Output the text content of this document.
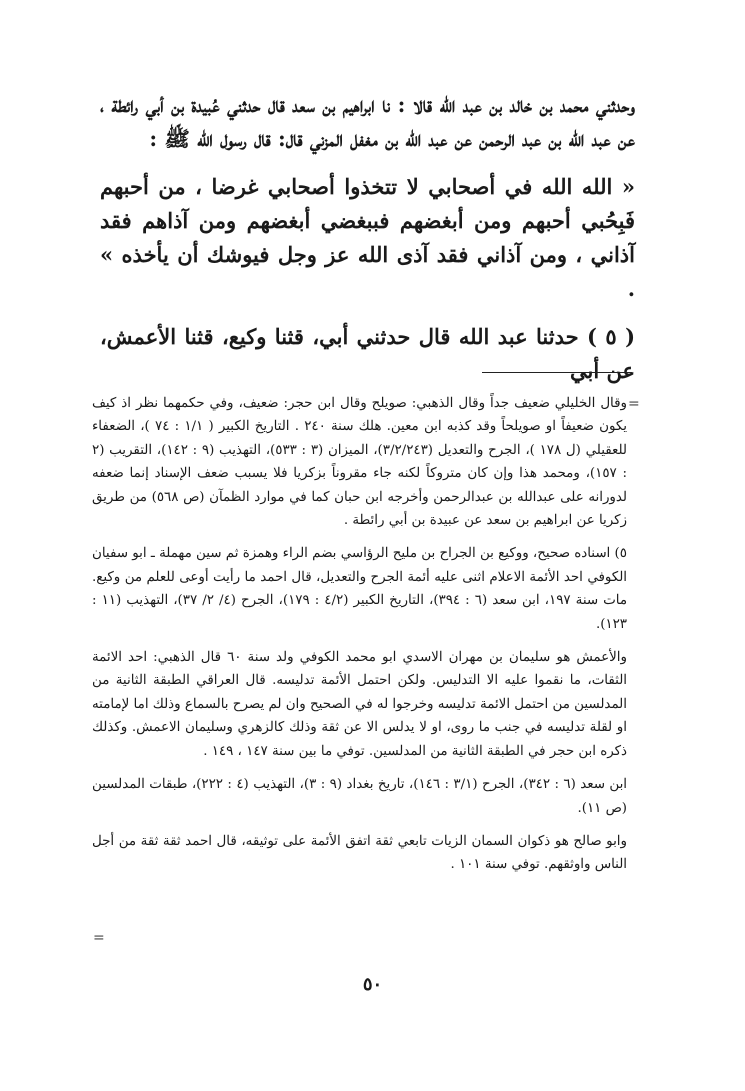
وحدثني محمد بن خالد بن عبد الله قالا : نا ابراهيم بن سعد قال حدثني عُبيدة بن أبي رائطة ، عن عبد الله بن عبد الرحمن عن عبد الله بن مغفل المزني قال: قال رسول الله ﷺ :

« الله الله في أصحابي لا تتخذوا أصحابي غرضا ، من أحبهم فَبِحُبي أحبهم ومن أبغضهم فببغضي أبغضهم ومن آذاهم فقد آذاني ، ومن آذاني فقد آذى الله عز وجل فيوشك أن يأخذه » .

( ٥ ) حدثنا عبد الله قال حدثني أبي، قثنا وكيع، قثنا الأعمش، عن أبي

=

وقال الخليلي ضعيف جداً وقال الذهبي: صويلح وقال ابن حجر: ضعيف، وفي حكمهما نظر اذ كيف يكون ضعيفاً او صويلحاً وقد كذبه ابن معين. هلك سنة ٢٤٠ . التاريخ الكبير ( ١/١ : ٧٤ )، الضعفاء للعقيلي (ل ١٧٨ )، الجرح والتعديل (٣/٢/٢٤٣)، الميزان (٣ : ٥٣٣)، التهذيب (٩ : ١٤٢)، التقريب (٢ : ١٥٧)، ومحمد هذا وإن كان متروكاً لكنه جاء مقروناً بزكريا فلا يسبب ضعف الإسناد إنما ضعفه لدورانه على عبدالله بن عبدالرحمن وأخرجه ابن حبان كما في موارد الظمآن (ص ٥٦٨) من طريق زكريا عن ابراهيم بن سعد عن عبيدة بن أبي رائطة .

٥) اسناده صحيح، ووكيع بن الجراح بن مليح الرؤاسي بضم الراء وهمزة ثم سين مهملة ـ ابو سفيان الكوفي احد الأئمة الاعلام اثنى عليه أئمة الجرح والتعديل، قال احمد ما رأيت أوعى للعلم من وكيع. مات سنة ١٩٧، ابن سعد (٦ : ٣٩٤)، التاريخ الكبير (٤/٢ : ١٧٩)، الجرح (٤/ ٢/ ٣٧)، التهذيب (١١ : ١٢٣).

والأعمش هو سليمان بن مهران الاسدي ابو محمد الكوفي ولد سنة ٦٠ قال الذهبي: احد الائمة الثقات، ما نقموا عليه الا التدليس. ولكن احتمل الأئمة تدليسه. قال العراقي الطبقة الثانية من المدلسين من احتمل الائمة تدليسه وخرجوا له في الصحيح وان لم يصرح بالسماع وذلك اما لإمامته او لقلة تدليسه في جنب ما روى، او لا يدلس الا عن ثقة وذلك كالزهري وسليمان الاعمش. وكذلك ذكره ابن حجر في الطبقة الثانية من المدلسين. توفي ما بين سنة ١٤٧ ، ١٤٩ .

ابن سعد (٦ : ٣٤٢)، الجرح (٣/١ : ١٤٦)، تاريخ بغداد (٩ : ٣)، التهذيب (٤ : ٢٢٢)، طبقات المدلسين (ص ١١).

وابو صالح هو ذكوان السمان الزيات تابعي ثقة اتفق الأئمة على توثيقه، قال احمد ثقة ثقة من أجل الناس واوثقهم. توفي سنة ١٠١ .

=
٥٠
